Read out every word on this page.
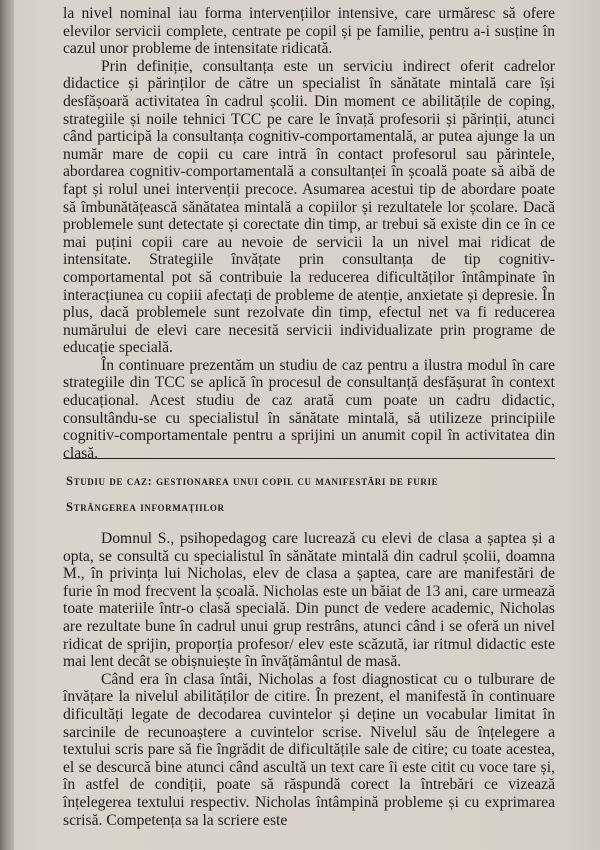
la nivel nominal iau forma intervențiilor intensive, care urmăresc să ofere elevilor servicii complete, centrate pe copil și pe familie, pentru a-i susține în cazul unor probleme de intensitate ridicată.

Prin definiție, consultanța este un serviciu indirect oferit cadrelor didactice și părinților de către un specialist în sănătate mintală care își desfășoară activitatea în cadrul școlii. Din moment ce abilitățile de coping, strategiile și noile tehnici TCC pe care le învață profesorii și părinții, atunci când participă la consultanța cognitiv-comportamentală, ar putea ajunge la un număr mare de copii cu care intră în contact profesorul sau părintele, abordarea cognitiv-comportamentală a consultanței în școală poate să aibă de fapt și rolul unei intervenții precoce. Asumarea acestui tip de abordare poate să îmbunătățească sănătatea mintală a copiilor și rezultatele lor școlare. Dacă problemele sunt detectate și corectate din timp, ar trebui să existe din ce în ce mai puțini copii care au nevoie de servicii la un nivel mai ridicat de intensitate. Strategiile învățate prin consultanța de tip cognitiv-comportamental pot să contribuie la reducerea dificultăților întâmpinate în interacțiunea cu copiii afectați de probleme de atenție, anxietate și depresie. În plus, dacă problemele sunt rezolvate din timp, efectul net va fi reducerea numărului de elevi care necesită servicii individualizate prin programe de educație specială.

În continuare prezentăm un studiu de caz pentru a ilustra modul în care strategiile din TCC se aplică în procesul de consultanță desfășurat în context educațional. Acest studiu de caz arată cum poate un cadru didactic, consultându-se cu specialistul în sănătate mintală, să utilizeze principiile cognitiv-comportamentale pentru a sprijini un anumit copil în activitatea din clasă.

Studiu de caz: gestionarea unui copil cu manifestări de furie
Strângerea informațiilor

Domnul S., psihopedagog care lucrează cu elevi de clasa a șaptea și a opta, se consultă cu specialistul în sănătate mintală din cadrul școlii, doamna M., în privința lui Nicholas, elev de clasa a șaptea, care are manifestări de furie în mod frecvent la școală. Nicholas este un băiat de 13 ani, care urmează toate materiile într-o clasă specială. Din punct de vedere academic, Nicholas are rezultate bune în cadrul unui grup restrâns, atunci când i se oferă un nivel ridicat de sprijin, proporția profesor/ elev este scăzută, iar ritmul didactic este mai lent decât se obișnuiește în învățământul de masă.

Când era în clasa întâi, Nicholas a fost diagnosticat cu o tulburare de învățare la nivelul abilităților de citire. În prezent, el manifestă în continuare dificultăți legate de decodarea cuvintelor și deține un vocabular limitat în sarcinile de recunoaștere a cuvintelor scrise. Nivelul său de înțelegere a textului scris pare să fie îngrădit de dificultățile sale de citire; cu toate acestea, el se descurcă bine atunci când ascultă un text care îi este citit cu voce tare și, în astfel de condiții, poate să răspundă corect la întrebări ce vizează înțelegerea textului respectiv. Nicholas întâmpină probleme și cu exprimarea scrisă. Competența sa la scriere este
